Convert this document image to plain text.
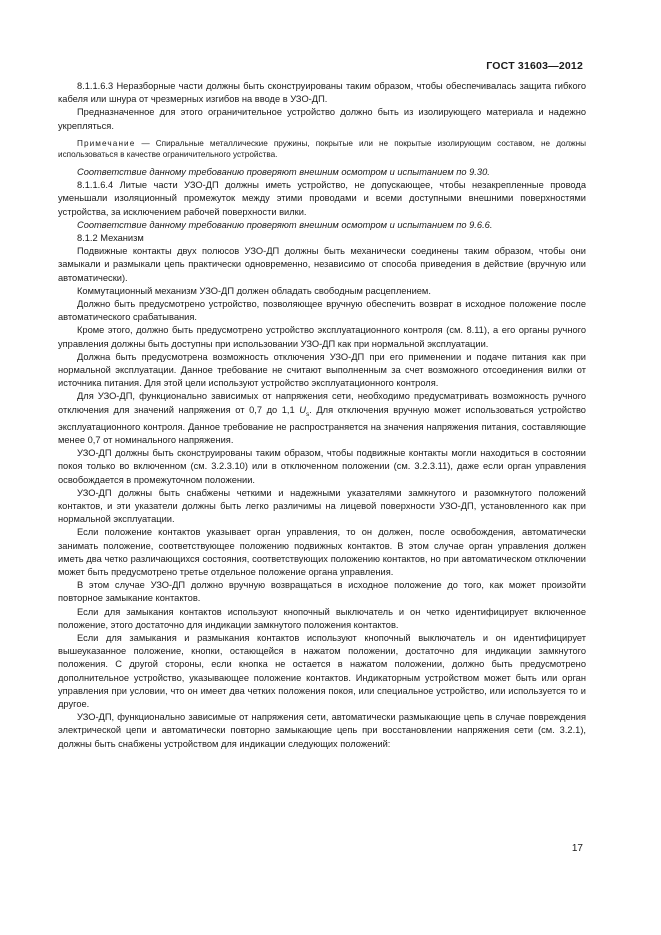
ГОСТ 31603—2012

8.1.1.6.3 Неразборные части должны быть сконструированы таким образом, чтобы обеспечивалась защита гибкого кабеля или шнура от чрезмерных изгибов на вводе в УЗО-ДП.

Предназначенное для этого ограничительное устройство должно быть из изолирующего материала и надежно укрепляться.

Примечание — Спиральные металлические пружины, покрытые или не покрытые изолирующим составом, не должны использоваться в качестве ограничительного устройства.

Соответствие данному требованию проверяют внешним осмотром и испытанием по 9.30.

8.1.1.6.4 Литые части УЗО-ДП должны иметь устройство, не допускающее, чтобы незакрепленные провода уменьшали изоляционный промежуток между этими проводами и всеми доступными внешними поверхностями устройства, за исключением рабочей поверхности вилки.

Соответствие данному требованию проверяют внешним осмотром и испытанием по 9.6.6.

8.1.2 Механизм

Подвижные контакты двух полюсов УЗО-ДП должны быть механически соединены таким образом, чтобы они замыкали и размыкали цепь практически одновременно, независимо от способа приведения в действие (вручную или автоматически).

Коммутационный механизм УЗО-ДП должен обладать свободным расцеплением.

Должно быть предусмотрено устройство, позволяющее вручную обеспечить возврат в исходное положение после автоматического срабатывания.

Кроме этого, должно быть предусмотрено устройство эксплуатационного контроля (см. 8.11), а его органы ручного управления должны быть доступны при использовании УЗО-ДП как при нормальной эксплуатации.

Должна быть предусмотрена возможность отключения УЗО-ДП при его применении и подаче питания как при нормальной эксплуатации. Данное требование не считают выполненным за счет возможного отсоединения вилки от источника питания. Для этой цели используют устройство эксплуатационного контроля.

Для УЗО-ДП, функционально зависимых от напряжения сети, необходимо предусматривать возможность ручного отключения для значений напряжения от 0,7 до 1,1 $U_s$. Для отключения вручную может использоваться устройство эксплуатационного контроля. Данное требование не распространяется на значения напряжения питания, составляющие менее 0,7 от номинального напряжения.

УЗО-ДП должны быть сконструированы таким образом, чтобы подвижные контакты могли находиться в состоянии покоя только во включенном (см. 3.2.3.10) или в отключенном положении (см. 3.2.3.11), даже если орган управления освобождается в промежуточном положении.

УЗО-ДП должны быть снабжены четкими и надежными указателями замкнутого и разомкнутого положений контактов, и эти указатели должны быть легко различимы на лицевой поверхности УЗО-ДП, установленного как при нормальной эксплуатации.

Если положение контактов указывает орган управления, то он должен, после освобождения, автоматически занимать положение, соответствующее положению подвижных контактов. В этом случае орган управления должен иметь два четко различающихся состояния, соответствующих положению контактов, но при автоматическом отключении может быть предусмотрено третье отдельное положение органа управления.

В этом случае УЗО-ДП должно вручную возвращаться в исходное положение до того, как может произойти повторное замыкание контактов.

Если для замыкания контактов используют кнопочный выключатель и он четко идентифицирует включенное положение, этого достаточно для индикации замкнутого положения контактов.

Если для замыкания и размыкания контактов используют кнопочный выключатель и он идентифицирует вышеуказанное положение, кнопки, остающейся в нажатом положении, достаточно для индикации замкнутого положения. С другой стороны, если кнопка не остается в нажатом положении, должно быть предусмотрено дополнительное устройство, указывающее положение контактов. Индикаторным устройством может быть или орган управления при условии, что он имеет два четких положения покоя, или специальное устройство, или используется то и другое.

УЗО-ДП, функционально зависимые от напряжения сети, автоматически размыкающие цепь в случае повреждения электрической цепи и автоматически повторно замыкающие цепь при восстановлении напряжения сети (см. 3.2.1), должны быть снабжены устройством для индикации следующих положений:

17
